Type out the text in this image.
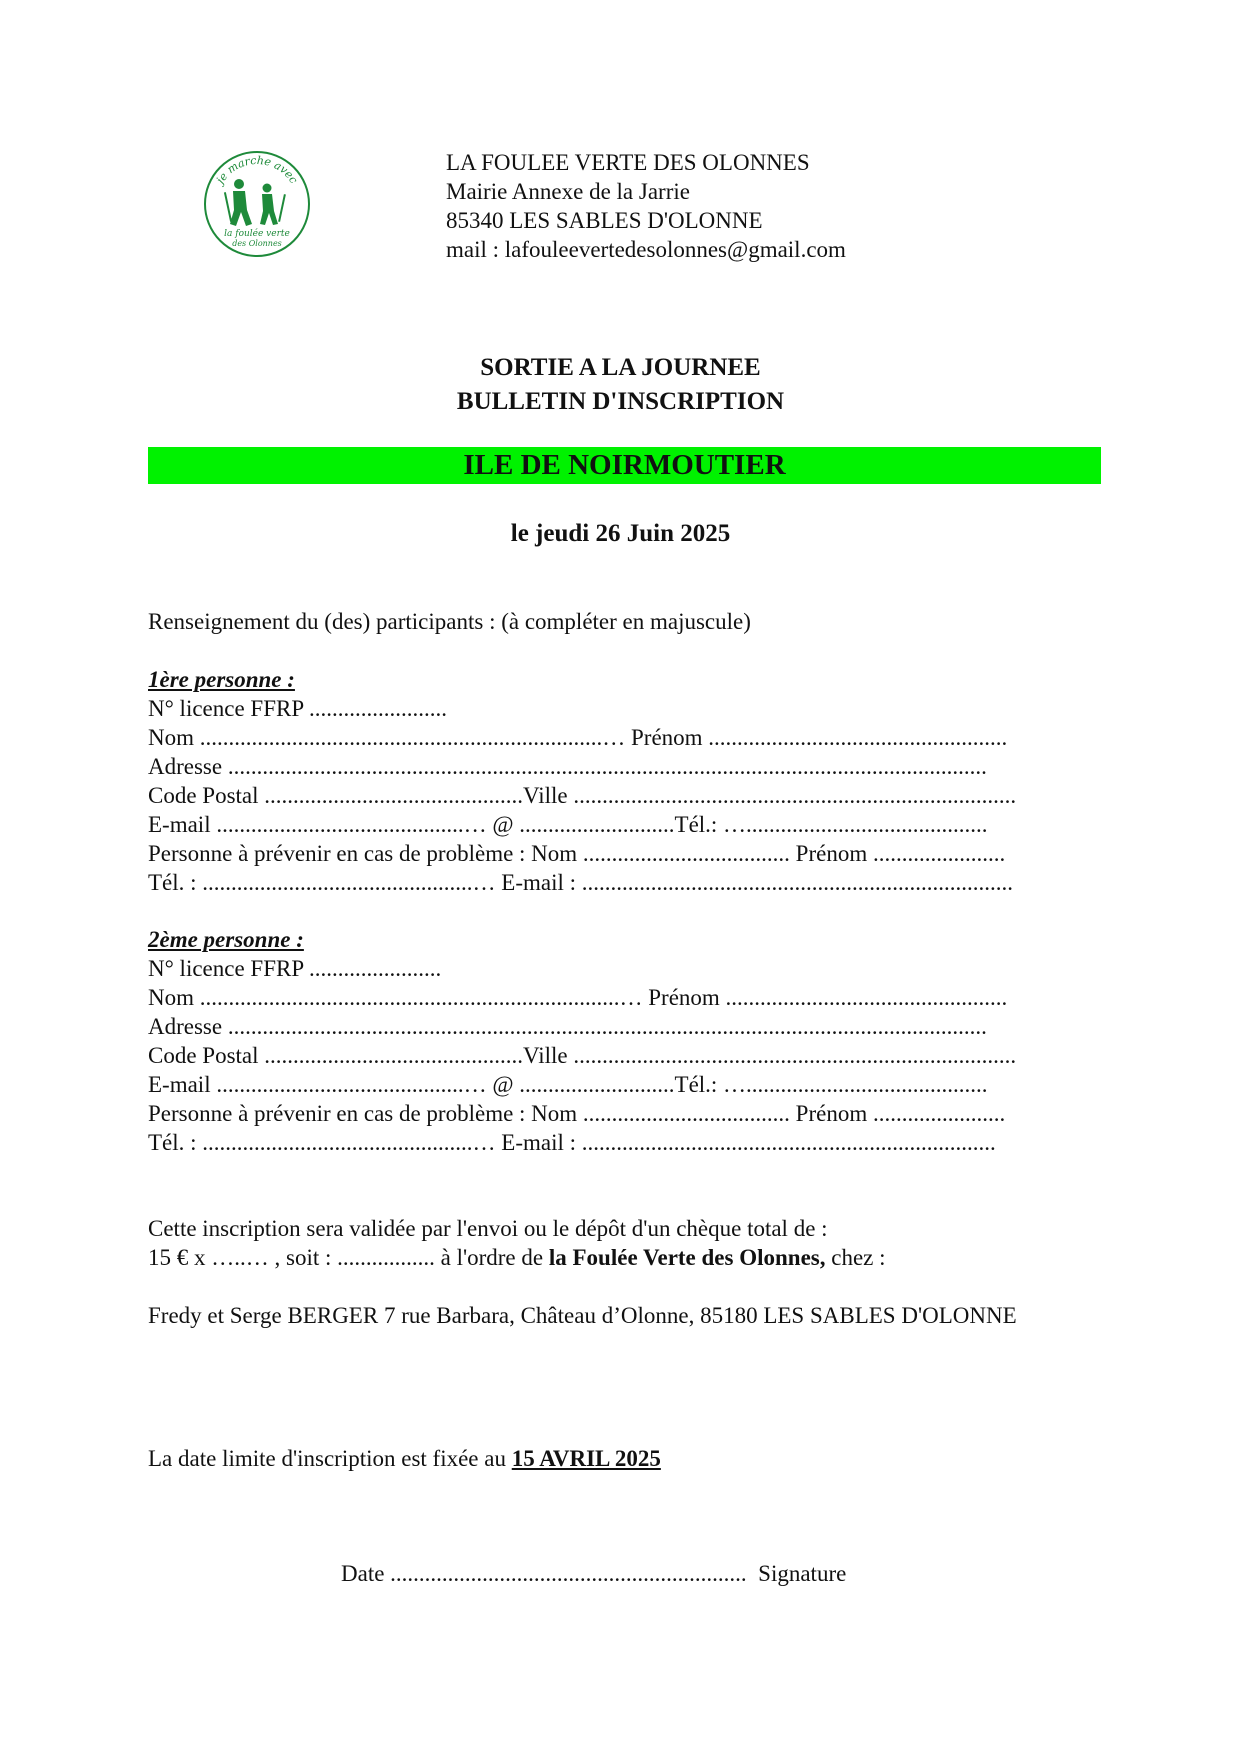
je marche avec
la foulée verte
des Olonnes
LA FOULEE VERTE DES OLONNES
Mairie Annexe de la Jarrie
85340 LES SABLES D'OLONNE
mail : lafouleevertedesolonnes@gmail.com
SORTIE A LA JOURNEE
BULLETIN D'INSCRIPTION
ILE DE NOIRMOUTIER
le jeudi 26 Juin 2025
Renseignement du (des) participants : (à compléter en majuscule)
1ère personne :
N° licence FFRP ........................
Nom ......................................................................… Prénom ....................................................
Adresse ....................................................................................................................................
Code Postal .............................................Ville .............................................................................
E-mail ...........................................… @ ...........................Tél.: …..........................................
Personne à prévenir en cas de problème : Nom .................................... Prénom .......................
Tél. : ...............................................… E-mail : ...........................................................................
2ème personne :
N° licence FFRP .......................
Nom .........................................................................… Prénom .................................................
Adresse ....................................................................................................................................
Code Postal .............................................Ville .............................................................................
E-mail ...........................................… @ ...........................Tél.: …..........................................
Personne à prévenir en cas de problème : Nom .................................... Prénom .......................
Tél. : ...............................................… E-mail : ........................................................................
Cette inscription sera validée par l'envoi ou le dépôt d'un chèque total de :
15 € x …..… , soit : ................. à l'ordre de la Foulée Verte des Olonnes, chez :
Fredy et Serge BERGER 7 rue Barbara, Château d’Olonne, 85180 LES SABLES D'OLONNE
La date limite d'inscription est fixée au 15 AVRIL 2025
Date .............................................................. Signature
